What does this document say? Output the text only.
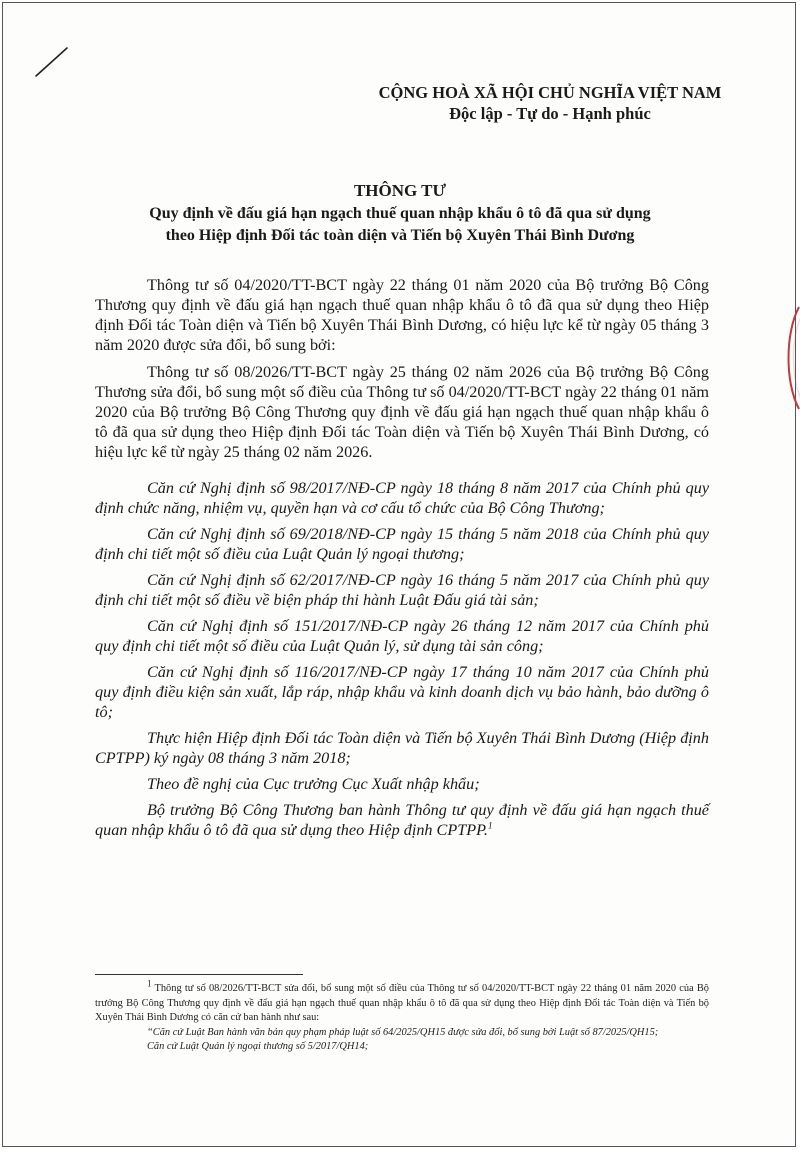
CỘNG HOÀ XÃ HỘI CHỦ NGHĨA VIỆT NAM
Độc lập - Tự do - Hạnh phúc
THÔNG TƯ
Quy định về đấu giá hạn ngạch thuế quan nhập khẩu ô tô đã qua sử dụng
theo Hiệp định Đối tác toàn diện và Tiến bộ Xuyên Thái Bình Dương

Thông tư số 04/2020/TT-BCT ngày 22 tháng 01 năm 2020 của Bộ trưởng Bộ Công Thương quy định về đấu giá hạn ngạch thuế quan nhập khẩu ô tô đã qua sử dụng theo Hiệp định Đối tác Toàn diện và Tiến bộ Xuyên Thái Bình Dương, có hiệu lực kể từ ngày 05 tháng 3 năm 2020 được sửa đổi, bổ sung bởi:

Thông tư số 08/2026/TT-BCT ngày 25 tháng 02 năm 2026 của Bộ trưởng Bộ Công Thương sửa đổi, bổ sung một số điều của Thông tư số 04/2020/TT-BCT ngày 22 tháng 01 năm 2020 của Bộ trưởng Bộ Công Thương quy định về đấu giá hạn ngạch thuế quan nhập khẩu ô tô đã qua sử dụng theo Hiệp định Đối tác Toàn diện và Tiến bộ Xuyên Thái Bình Dương, có hiệu lực kể từ ngày 25 tháng 02 năm 2026.

Căn cứ Nghị định số 98/2017/NĐ-CP ngày 18 tháng 8 năm 2017 của Chính phủ quy định chức năng, nhiệm vụ, quyền hạn và cơ cấu tổ chức của Bộ Công Thương;

Căn cứ Nghị định số 69/2018/NĐ-CP ngày 15 tháng 5 năm 2018 của Chính phủ quy định chi tiết một số điều của Luật Quản lý ngoại thương;

Căn cứ Nghị định số 62/2017/NĐ-CP ngày 16 tháng 5 năm 2017 của Chính phủ quy định chi tiết một số điều về biện pháp thi hành Luật Đấu giá tài sản;

Căn cứ Nghị định số 151/2017/NĐ-CP ngày 26 tháng 12 năm 2017 của Chính phủ quy định chi tiết một số điều của Luật Quản lý, sử dụng tài sản công;

Căn cứ Nghị định số 116/2017/NĐ-CP ngày 17 tháng 10 năm 2017 của Chính phủ quy định điều kiện sản xuất, lắp ráp, nhập khẩu và kinh doanh dịch vụ bảo hành, bảo dưỡng ô tô;

Thực hiện Hiệp định Đối tác Toàn diện và Tiến bộ Xuyên Thái Bình Dương (Hiệp định CPTPP) ký ngày 08 tháng 3 năm 2018;

Theo đề nghị của Cục trưởng Cục Xuất nhập khẩu;

Bộ trưởng Bộ Công Thương ban hành Thông tư quy định về đấu giá hạn ngạch thuế quan nhập khẩu ô tô đã qua sử dụng theo Hiệp định CPTPP.$^1$

$^1$ Thông tư số 08/2026/TT-BCT sửa đổi, bổ sung một số điều của Thông tư số 04/2020/TT-BCT ngày 22 tháng 01 năm 2020 của Bộ trưởng Bộ Công Thương quy định về đấu giá hạn ngạch thuế quan nhập khẩu ô tô đã qua sử dụng theo Hiệp định Đối tác Toàn diện và Tiến bộ Xuyên Thái Bình Dương có căn cứ ban hành như sau:

“Căn cứ Luật Ban hành văn bản quy phạm pháp luật số 64/2025/QH15 được sửa đổi, bổ sung bởi Luật số 87/2025/QH15;

Căn cứ Luật Quản lý ngoại thương số 5/2017/QH14;
